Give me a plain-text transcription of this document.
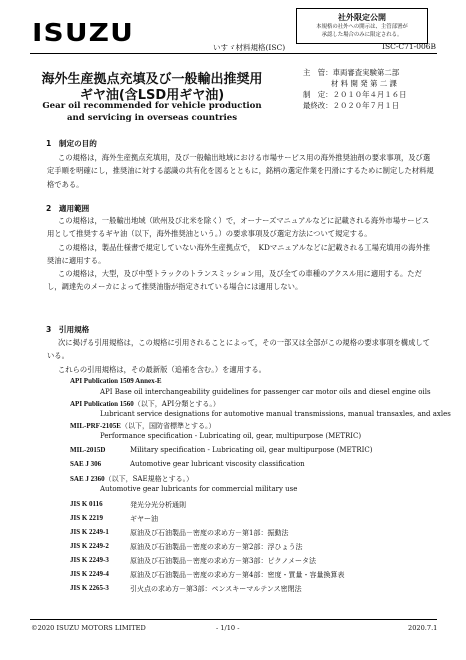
ISUZU
社外限定公開
本規格の社外への開示は、主管部署が
承認した場合のみに限定される。
いすゞ材料規格(ISC)	ISC-C71-006B
海外生産拠点充填及び一般輸出推奨用
ギヤ油(含LSD用ギヤ油)
Gear oil recommended for vehicle production
and servicing in overseas countries
主　管：車両審査実験第二部
材 料 開 発 第 二 課
制　定：２０１０年４月１６日
最終改：２０２０年７月１日
1　制定の目的

この規格は，海外生産拠点充填用，及び一般輸出地域における市場サービス用の海外推奨油剤の要求事項，及び選定手順を明確にし，推奨油に対する認識の共有化を図るとともに，銘柄の選定作業を円滑にするために制定した材料規格である。

2　適用範囲

この規格は，一般輸出地域（欧州及び北米を除く）で，オーナーズマニュアルなどに記載される海外市場サービス用として推奨するギヤ油（以下，海外推奨油という。）の要求事項及び選定方法について規定する。

この規格は，製品仕様書で規定していない海外生産拠点で，　KDマニュアルなどに記載される工場充填用の海外推奨油に適用する。

この規格は，大型，及び中型トラックのトランスミッション用，及び全ての車種のアクスル用に適用する。ただし，調達先のメーカによって推奨油脂が指定されている場合には適用しない。

3　引用規格

次に掲げる引用規格は，この規格に引用されることによって，その一部又は全部がこの規格の要求事項を構成している。

これらの引用規格は，その最新版（追補を含む。）を適用する。

API Publication 1509 Annex-E
API Base oil interchangeability guidelines for passenger car motor oils and diesel engine oils
API Publication 1560（以下，API分類とする。）
Lubricant service designations for automotive manual transmissions, manual transaxles, and axles
MIL-PRF-2105E（以下，国防省標準とする。）
Performance specification - Lubricating oil, gear, multipurpose (METRIC)
MIL-2015D	Military specification - Lubricating oil, gear multipurpose (METRIC)
SAE J 306	Automotive gear lubricant viscosity classification
SAE J 2360（以下，SAE規格とする。）
Automotive gear lubricants for commercial military use
JIS K 0116	発光分光分析通則
JIS K 2219	ギヤー油
JIS K 2249-1	原油及び石油製品－密度の求め方－第1部：振動法
JIS K 2249-2	原油及び石油製品－密度の求め方－第2部：浮ひょう法
JIS K 2249-3	原油及び石油製品－密度の求め方－第3部：ピクノメータ法
JIS K 2249-4	原油及び石油製品－密度の求め方－第4部：密度・質量・容量換算表
JIS K 2265-3	引火点の求め方－第3部：ペンスキーマルテンス密閉法
©2020 ISUZU MOTORS LIMITED	- 1/10 -	2020.7.1
